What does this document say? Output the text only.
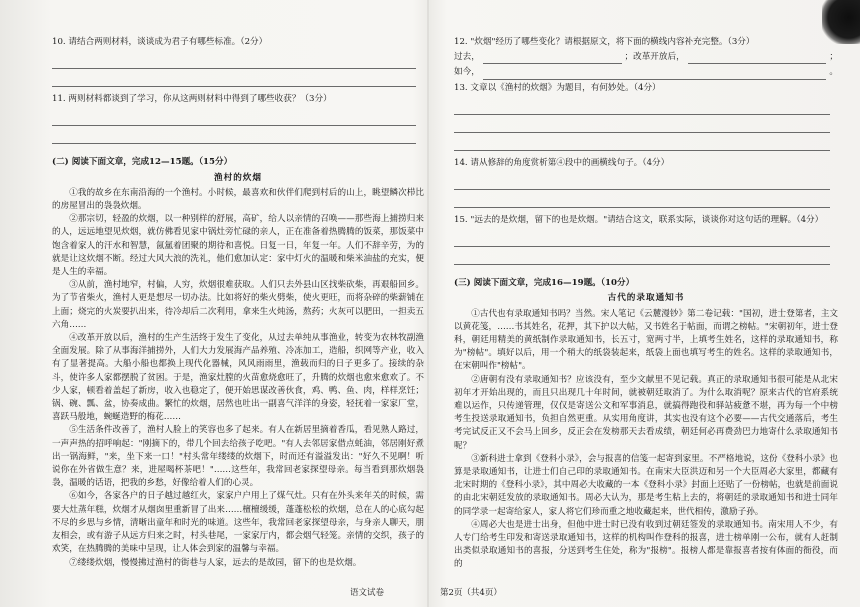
10. 请结合两则材料，谈谈成为君子有哪些标准。（2分）

11. 两则材料都谈到了学习，你从这两则材料中得到了哪些收获？（3分）

(二) 阅读下面文章，完成12—15题。（15分）

渔村的炊烟

①我的故乡在东南沿海的一个渔村。小时候，最喜欢和伙伴们爬到村后的山上，眺望鳞次栉比的房屋冒出的袅袅炊烟。

②那宗切，轻盈的炊烟，以一种别样的舒展，高矿，给人以亲情的召唤——那些海上捕捞归来的人，远远地望见炊烟，就仿佛看见家中锅灶旁忙碌的亲人，正在准备着热腾腾的饭菜，那饭菜中饱含着家人的汗水和智慧，氤氲着团聚的期待和喜悦。日复一日，年复一年。人们不辞辛劳，为的就是让这炊烟不断。经过大风大浪的洗礼，他们愈加认定：家中灯火的温暖和柴米油盐的充实，便是人生的幸福。

③从前，渔村地窄，村偏，人穷，炊烟很难获取。人们只去外县山区找柴砍柴，再艰船回乡。为了节省柴火，渔村人更是想尽一切办法。比如将好的柴火劈柴，使火更旺，而将杂碎的柴薪铺在上面；烧完的火炭要扒出来，待冷却后二次利用，拿来生火炖汤，熬药；火灰可以肥田，一担卖五六角……

④改革开放以后，渔村的生产生活终于发生了变化，从过去单纯从事渔业，转变为农林牧副渔全面发展。除了从事海洋捕捞外，人们大力发展海产品养殖、冷冻加工，造船，织网等产业，收入有了显著提高。大船小船也都换上现代化器械，风风雨雨里，渔载而归的日子更多了。接续的杂斗，使许多人家都摆脱了贫困。于是，渔家灶膛的火苗愈烧愈旺了，升腾的炊烟也愈来愈欢了。不少人家，顿看着盖起了新房，收入也稳定了，便开始思谋改善伙食，鸡、鸭、鱼、肉，样样烹饪；锅、碗、瓢、盆，协奏成曲。繁忙的炊烟，居然也吐出一副喜气洋洋的身姿，轻抚着一家家厂堂，喜跃马般地，蜿蜒造野的梅花……

⑤生活条件改善了，渔村人脸上的笑容也多了起来。有人在新居里摘着香瓜，看见熟人路过，一声声热的招呼响起："刚摘下的，带几个回去给孩子吃吧。"有人去邻居家借点蚝油，邻居刚好煮出一锅海鲜，"来，坐下来一口！"村头常年缕缕的炊烟下，时而还有溢溢发出："好久不见啊！听说你在外省做生意？来，进屋喝杯茶吧！"……这些年，我常回老家探望母亲。每当看到那炊烟袅袅，温暖的话语，把我的乡愁，好像给着人们的心灵。

⑥如今，各家各户的日子越过越红火，家家户户用上了煤气灶。只有在外头来年关的时候，需要大灶蒸年糕，炊烟才从烟囱里重新冒了出来……檀檀缓缓，蓬蓬松松的炊烟，总在人的心底勾起不尽的乡思与乡情，清晰出童年和时光的味道。这些年，我常回老家探望母亲，与身亲人聊天，朋友相会，或有游子从远方归来之时，村头巷尾，一家家厅内，都会烟气轻笼。亲情的交织，孩子的欢笑，在热腾腾的美味中呈现，让人体会到家的温馨与幸福。

⑦缕缕炊烟，慢慢拂过渔村的街巷与人家，远去的是故园，留下的也是炊烟。

12. "炊烟"经历了哪些变化？请根据原文，将下面的横线内容补充完整。（3分）

过去，	；改革开放后，	；
如今，	。

13. 文章以《渔村的炊烟》为题目，有何妙处。（4分）

14. 请从修辞的角度赏析第④段中的画横线句子。（4分）

15. "远去的是炊烟，留下的也是炊烟。"请结合这文，联系实际，谈谈你对这句话的理解。（4分）

(三) 阅读下面文章，完成16—19题。（10分）

古代的录取通知书

①古代也有录取通知书吗？当然。宋人笔记《云麓漫钞》第二卷记载："国初，进士登第者，主文以黄花笺，……书其姓名，花押，其下护以大帖，又书姓名于帖面，而谓之榜帖。"宋朝初年，进士登科，朝廷用精美的黄纸制作录取通知书，长五寸，宽两寸半，上填考生姓名，这样的录取通知书，称为"榜帖"。填好以后，用一个稍大的纸袋装起来，纸袋上面也填写考生的姓名。这样的录取通知书，在宋朝叫作"榜帖"。

②唐朝有没有录取通知书？应该没有，至少文献里不见记载。真正的录取通知书很可能是从北宋初年才开始出现的，而且只出现几十年时间，就被朝廷取消了。为什么取消呢？原来古代的官府系统难以运作，只传递管理，仅仅是寄送公文和军事消息，就搞得跑役和驿站疲惫不堪，再为每一个中榜考生投送录取通知书，负担自然更重。从实用角度讲，其实也没有这个必要——古代交通落后，考生考完试反正又不会马上回乡，反正会在发榜那天去看成绩，朝廷何必再费劲巴力地寄什么录取通知书呢？

③新科进士拿到《登科小录》，会与报喜的信笺一起寄到家里。不严格地说，这份《登科小录》也算是录取通知书，让进士们自己印的录取通知书。在南宋大臣洪迈和另一个大臣周必大家里，都藏有北宋时期的《登科小录》，其中周必大收藏的一本《登科小录》封面上还贴了一份榜帖，也就是前面说的由北宋朝廷发放的录取通知书。周必大认为，那是考生粘上去的，将朝廷的录取通知书和进士同年的同学录一起寄给家人，家人将它们珍而重之地收藏起来，世代相传，激励子孙。

④周必大也是进士出身，但他中进士时已没有收到过朝廷签发的录取通知书。南宋用人不少，有人专门给考生印发和寄送录取通知书，这样的机构叫作登科的报喜，进士榜单刚一公布，就有人赶制出类似录取通知书的喜报，分送到考生住处，称为"报榜"。报榜人都是靠报喜者按有体面的衙役，而的

语文试卷	第2页（共4页）
